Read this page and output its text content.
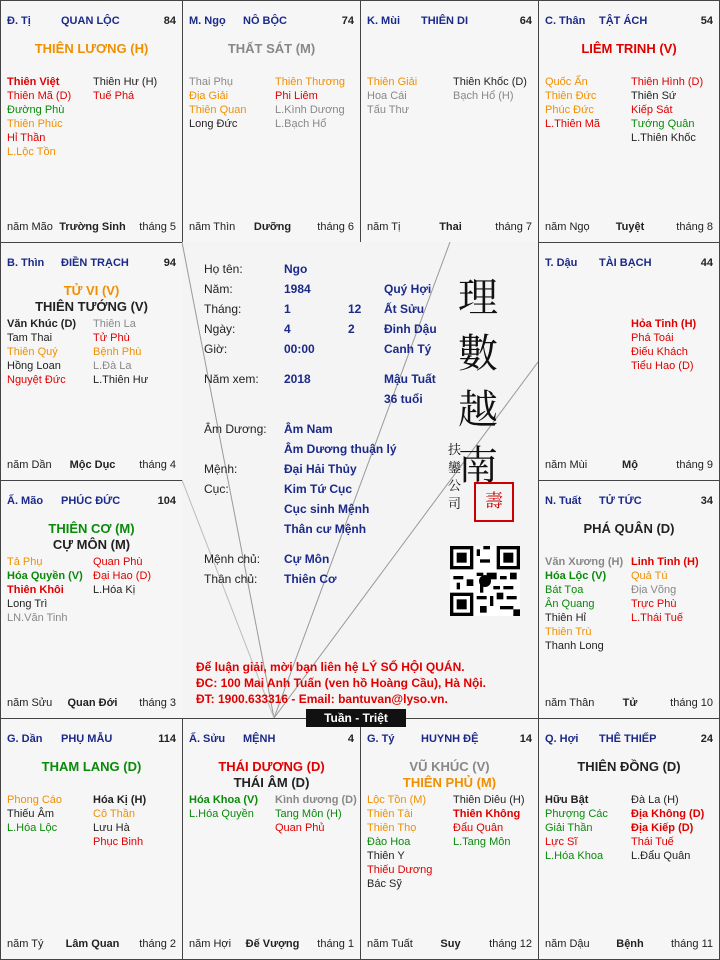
Đ. Tị	QUAN LỘC	84
THIÊN LƯƠNG (H)
Thiên Việt
Thiên Mã (D)
Đường Phù
Thiên Phúc
Hỉ Thần
L.Lộc Tồn
Thiên Hư (H)
Tuế Phá
năm Mão Trường Sinh	tháng 5
M. Ngọ NÔ BỘC	74
THẤT SÁT (M)
Thai Phụ
Địa Giải
Thiên Quan
Long Đức
Thiên Thương
Phi Liêm
L.Kình Dương
L.Bạch Hổ
năm Thìn	Dưỡng	tháng 6
K. Mùi THIÊN DI	64
Thiên Giải
Hoa Cái
Tấu Thư
Thiên Khốc (D)
Bạch Hổ (H)
năm Tị	Thai	tháng 7
C. Thân TẬT ÁCH	54
LIÊM TRINH (V)
Quốc Ấn
Thiên Đức
Phúc Đức
L.Thiên Mã
Thiên Hình (D)
Thiên Sứ
Kiếp Sát
Tướng Quân
L.Thiên Khốc
năm Ngọ	Tuyệt	tháng 8
B. Thìn ĐIỀN TRẠCH	94
TỬ VI (V)
THIÊN TƯỚNG (V)
Văn Khúc (D)
Tam Thai
Thiên Quý
Hồng Loan
Nguyệt Đức
Thiên La
Tử Phù
Bệnh Phù
L.Đà La
L.Thiên Hư
năm Dần	Mộc Dục	tháng 4
T. Dậu TÀI BẠCH	44
Hỏa Tinh (H)
Phá Toái
Điếu Khách
Tiểu Hao (D)
năm Mùi	Mộ	tháng 9
Ấ. Mão PHÚC ĐỨC	104
THIÊN CƠ (M)
CỰ MÔN (M)
Tả Phụ
Hóa Quyền (V)
Thiên Khôi
Long Trì
LN.Văn Tinh
Quan Phù
Đại Hao (D)
L.Hóa Kị
năm Sửu	Quan Đới	tháng 3
N. Tuất TỬ TỨC	34
PHÁ QUÂN (D)
Văn Xương (H)
Hóa Lộc (V)
Bát Tọa
Ân Quang
Thiên Hỉ
Thiên Trù
Thanh Long
Linh Tinh (H)
Quả Tú
Địa Võng
Trực Phù
L.Thái Tuế
năm Thân	Tử	tháng 10
G. Dần PHỤ MẪU	114
THAM LANG (D)
Phong Cáo
Thiếu Âm
L.Hóa Lộc
Hóa Kị (H)
Cô Thần
Lưu Hà
Phục Binh
năm Tý	Lâm Quan	tháng 2
Ấ. Sửu MỆNH	4
THÁI DƯƠNG (D)
THÁI ÂM (D)
Hóa Khoa (V)
L.Hóa Quyền
Kình dương (D)
Tang Môn (H)
Quan Phủ
năm Hợi	Đế Vượng	tháng 1
G. Tý HUYNH ĐỆ	14
VŨ KHÚC (V)
THIÊN PHỦ (M)
Lộc Tồn (M)
Thiên Tài
Thiên Thọ
Đào Hoa
Thiên Y
Thiếu Dương
Bác Sỹ
Thiên Diêu (H)
Thiên Không
Đẩu Quân
L.Tang Môn
năm Tuất	Suy	tháng 12
Q. Hợi THÊ THIẾP	24
THIÊN ĐỒNG (D)
Hữu Bật
Phượng Các
Giải Thần
Lực Sĩ
L.Hóa Khoa
Đà La (H)
Địa Không (D)
Địa Kiếp (D)
Thái Tuế
L.Đẩu Quân
năm Dậu	Bệnh	tháng 11
Họ tên:	Ngo
Năm:	1984	Quý Hợi
Tháng:	1	12 Ất Sửu
Ngày:	4	2 Đinh Dậu
Giờ:	00:00	Canh Tý
Năm xem: 2018	Mậu Tuất
36 tuổi
Âm Dương: Âm Nam
Âm Dương thuận lý
Mệnh:	Đại Hải Thủy
Cục:	Kim Tứ Cục
Cục sinh Mệnh
Thân cư Mệnh
Mệnh chủ: Cự Môn
Thân chủ: Thiên Cơ
理
數
越
南
扶鑾公司	壽
Để luận giải, mời bạn liên hệ LÝ SỐ HỘI QUÁN.
ĐC: 100 Mai Anh Tuấn (ven hồ Hoàng Cầu), Hà Nội.
ĐT: 1900.633316 - Email: bantuvan@lyso.vn.
Tuần - Triệt
